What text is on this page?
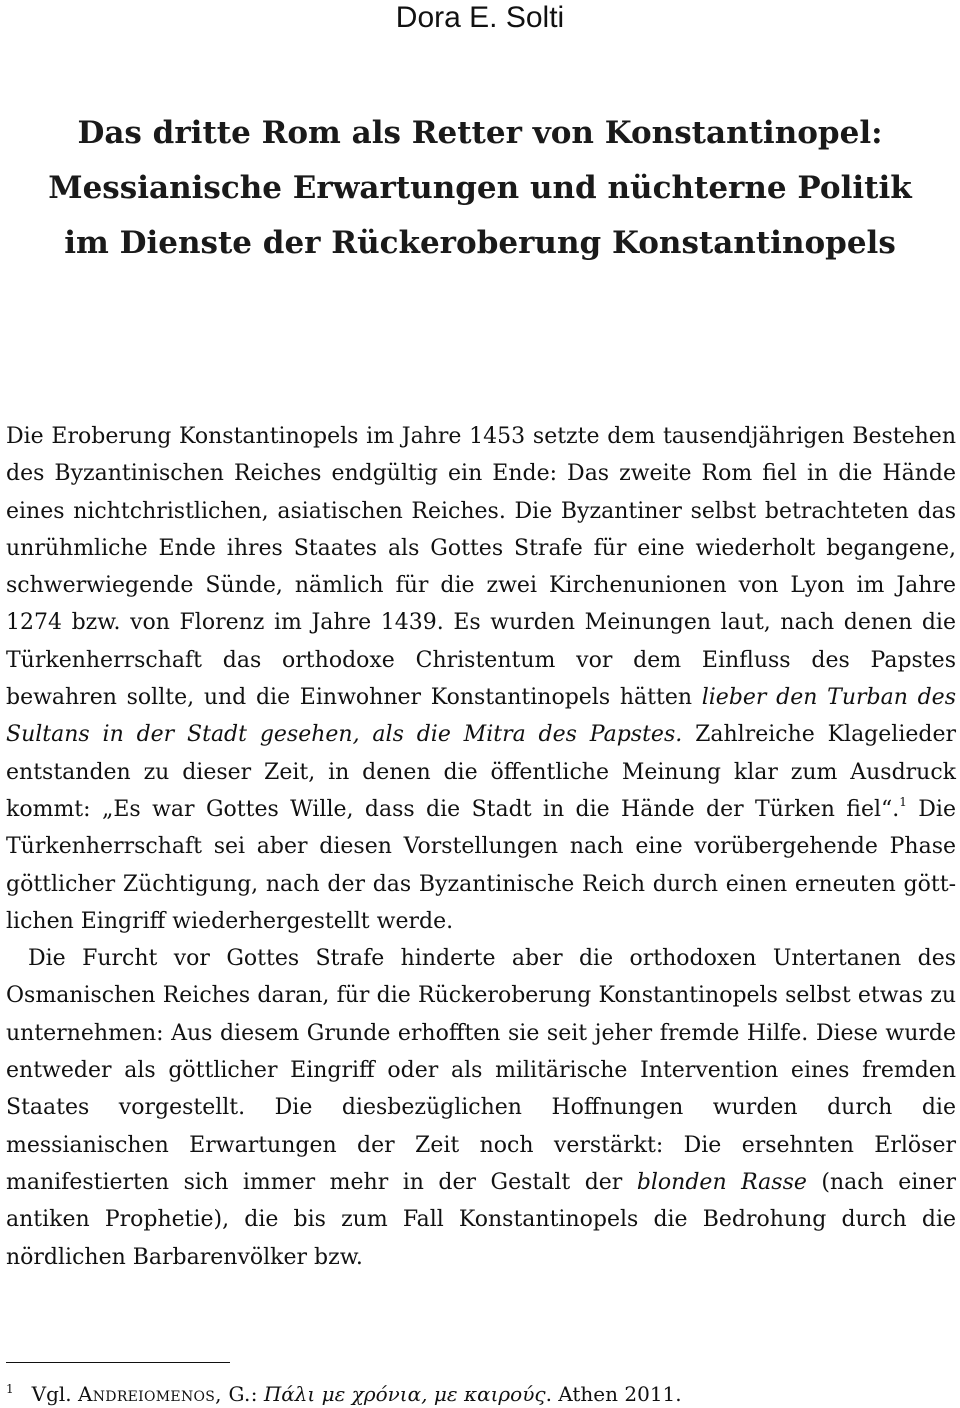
Dora E. Solti
Das dritte Rom als Retter von Konstantinopel:
Messianische Erwartungen und nüchterne Politik
im Dienste der Rückeroberung Konstantinopels

Die Eroberung Konstantinopels im Jahre 1453 setzte dem tausendjährigen Bestehen des Byzantinischen Reiches endgültig ein Ende: Das zweite Rom fiel in die Hände eines nichtchristlichen, asiatischen Reiches. Die Byzantiner selbst betrachteten das unrühmliche Ende ihres Staates als Gottes Strafe für eine wiederholt begangene, schwerwiegende Sünde, nämlich für die zwei Kirchenunionen von Lyon im Jahre 1274 bzw. von Florenz im Jahre 1439. Es wurden Meinungen laut, nach denen die Türkenherrschaft das orthodoxe Christentum vor dem Einfluss des Papstes bewahren sollte, und die Einwohner Konstantinopels hätten lieber den Turban des Sultans in der Stadt gesehen, als die Mitra des Papstes. Zahlreiche Klagelieder entstanden zu dieser Zeit, in denen die öffentliche Meinung klar zum Ausdruck kommt: „Es war Gottes Wille, dass die Stadt in die Hände der Türken fiel“.$^1$ Die Türkenherrschaft sei aber diesen Vorstellungen nach eine vorübergehende Phase göttlicher Züchtigung, nach der das Byzantinische Reich durch einen erneuten göttlichen Eingriff wiederhergestellt werde.

Die Furcht vor Gottes Strafe hinderte aber die orthodoxen Untertanen des Osmanischen Reiches daran, für die Rückeroberung Konstantinopels selbst etwas zu unternehmen: Aus diesem Grunde erhofften sie seit jeher fremde Hilfe. Diese wurde entweder als göttlicher Eingriff oder als militärische Intervention eines fremden Staates vorgestellt. Die diesbezüglichen Hoffnungen wurden durch die messianischen Erwartungen der Zeit noch verstärkt: Die ersehnten Erlöser manifestierten sich immer mehr in der Gestalt der blonden Rasse (nach einer antiken Prophetie), die bis zum Fall Konstantinopels die Bedrohung durch die nördlichen Barbarenvölker bzw.

$^1$ Vgl. Andreiomenos, G.: Πάλι με χρόνια, με καιρούς. Athen 2011.
